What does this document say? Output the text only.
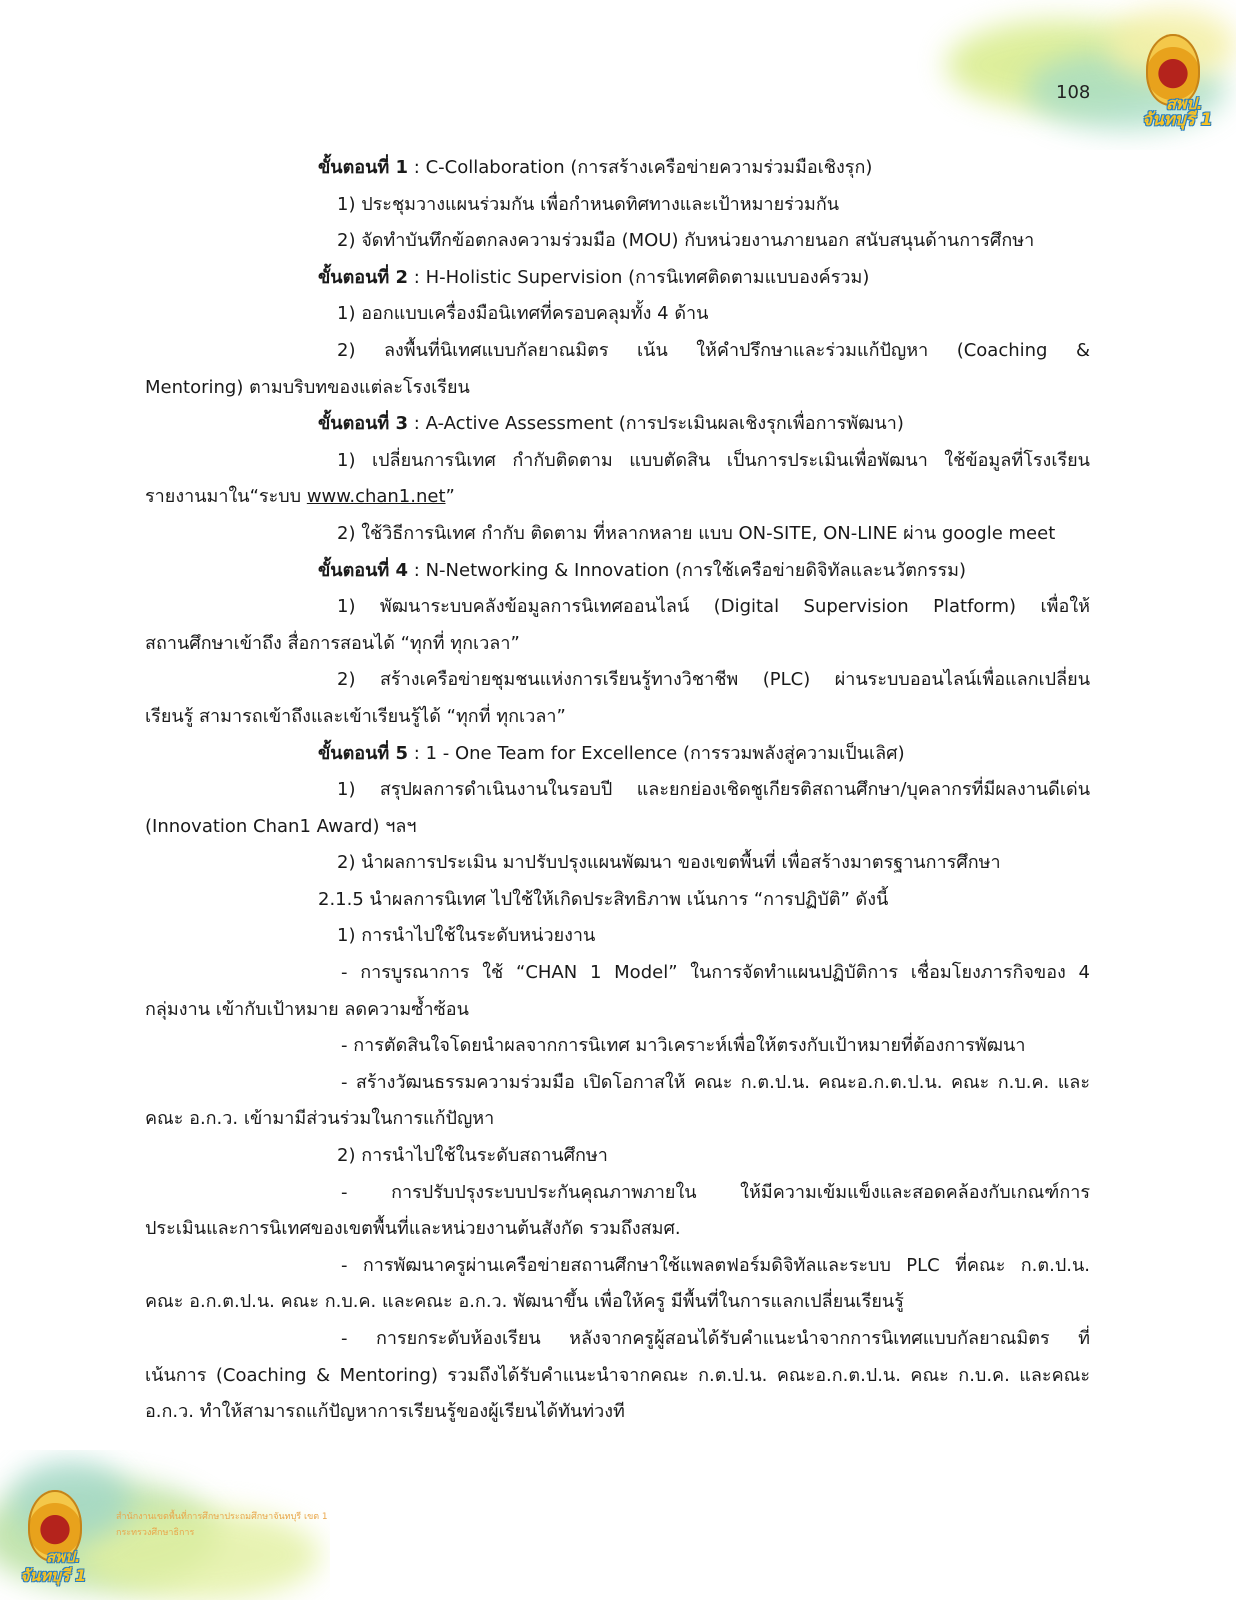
สพป.
จันทบุรี 1
108
ขั้นตอนที่ 1 : C-Collaboration (การสร้างเครือข่ายความร่วมมือเชิงรุก)
1) ประชุมวางแผนร่วมกัน เพื่อกำหนดทิศทางและเป้าหมายร่วมกัน
2) จัดทำบันทึกข้อตกลงความร่วมมือ (MOU) กับหน่วยงานภายนอก สนับสนุนด้านการศึกษา
ขั้นตอนที่ 2 : H-Holistic Supervision (การนิเทศติดตามแบบองค์รวม)
1) ออกแบบเครื่องมือนิเทศที่ครอบคลุมทั้ง 4 ด้าน
2) ลงพื้นที่นิเทศแบบกัลยาณมิตร เน้น ให้คำปรึกษาและร่วมแก้ปัญหา (Coaching &
Mentoring) ตามบริบทของแต่ละโรงเรียน
ขั้นตอนที่ 3 : A-Active Assessment (การประเมินผลเชิงรุกเพื่อการพัฒนา)
1) เปลี่ยนการนิเทศ กำกับติดตาม แบบตัดสิน เป็นการประเมินเพื่อพัฒนา ใช้ข้อมูลที่โรงเรียน
รายงานมาใน“ระบบ www.chan1.net”
2) ใช้วิธีการนิเทศ กำกับ ติดตาม ที่หลากหลาย แบบ ON-SITE, ON-LINE ผ่าน google meet
ขั้นตอนที่ 4 : N-Networking & Innovation (การใช้เครือข่ายดิจิทัลและนวัตกรรม)
1) พัฒนาระบบคลังข้อมูลการนิเทศออนไลน์ (Digital Supervision Platform) เพื่อให้
สถานศึกษาเข้าถึง สื่อการสอนได้ “ทุกที่ ทุกเวลา”
2) สร้างเครือข่ายชุมชนแห่งการเรียนรู้ทางวิชาชีพ (PLC) ผ่านระบบออนไลน์เพื่อแลกเปลี่ยน
เรียนรู้ สามารถเข้าถึงและเข้าเรียนรู้ได้ “ทุกที่ ทุกเวลา”
ขั้นตอนที่ 5 : 1 - One Team for Excellence (การรวมพลังสู่ความเป็นเลิศ)
1) สรุปผลการดำเนินงานในรอบปี และยกย่องเชิดชูเกียรติสถานศึกษา/บุคลากรที่มีผลงานดีเด่น
(Innovation Chan1 Award) ฯลฯ
2) นำผลการประเมิน มาปรับปรุงแผนพัฒนา ของเขตพื้นที่ เพื่อสร้างมาตรฐานการศึกษา
2.1.5 นำผลการนิเทศ ไปใช้ให้เกิดประสิทธิภาพ เน้นการ “การปฏิบัติ” ดังนี้
1) การนำไปใช้ในระดับหน่วยงาน
- การบูรณาการ ใช้ “CHAN 1 Model” ในการจัดทำแผนปฏิบัติการ เชื่อมโยงภารกิจของ 4
กลุ่มงาน เข้ากับเป้าหมาย ลดความซ้ำซ้อน
- การตัดสินใจโดยนำผลจากการนิเทศ มาวิเคราะห์เพื่อให้ตรงกับเป้าหมายที่ต้องการพัฒนา
- สร้างวัฒนธรรมความร่วมมือ เปิดโอกาสให้ คณะ ก.ต.ป.น. คณะอ.ก.ต.ป.น. คณะ ก.บ.ค. และ
คณะ อ.ก.ว. เข้ามามีส่วนร่วมในการแก้ปัญหา
2) การนำไปใช้ในระดับสถานศึกษา
- การปรับปรุงระบบประกันคุณภาพภายใน ให้มีความเข้มแข็งและสอดคล้องกับเกณฑ์การ
ประเมินและการนิเทศของเขตพื้นที่และหน่วยงานต้นสังกัด รวมถึงสมศ.
- การพัฒนาครูผ่านเครือข่ายสถานศึกษาใช้แพลตฟอร์มดิจิทัลและระบบ PLC ที่คณะ ก.ต.ป.น.
คณะ อ.ก.ต.ป.น. คณะ ก.บ.ค. และคณะ อ.ก.ว. พัฒนาขึ้น เพื่อให้ครู มีพื้นที่ในการแลกเปลี่ยนเรียนรู้
- การยกระดับห้องเรียน หลังจากครูผู้สอนได้รับคำแนะนำจากการนิเทศแบบกัลยาณมิตร ที่
เน้นการ (Coaching & Mentoring) รวมถึงได้รับคำแนะนำจากคณะ ก.ต.ป.น. คณะอ.ก.ต.ป.น. คณะ ก.บ.ค. และคณะ
อ.ก.ว. ทำให้สามารถแก้ปัญหาการเรียนรู้ของผู้เรียนได้ทันท่วงที
สพป.
จันทบุรี 1
สำนักงานเขตพื้นที่การศึกษาประถมศึกษาจันทบุรี เขต 1
กระทรวงศึกษาธิการ
